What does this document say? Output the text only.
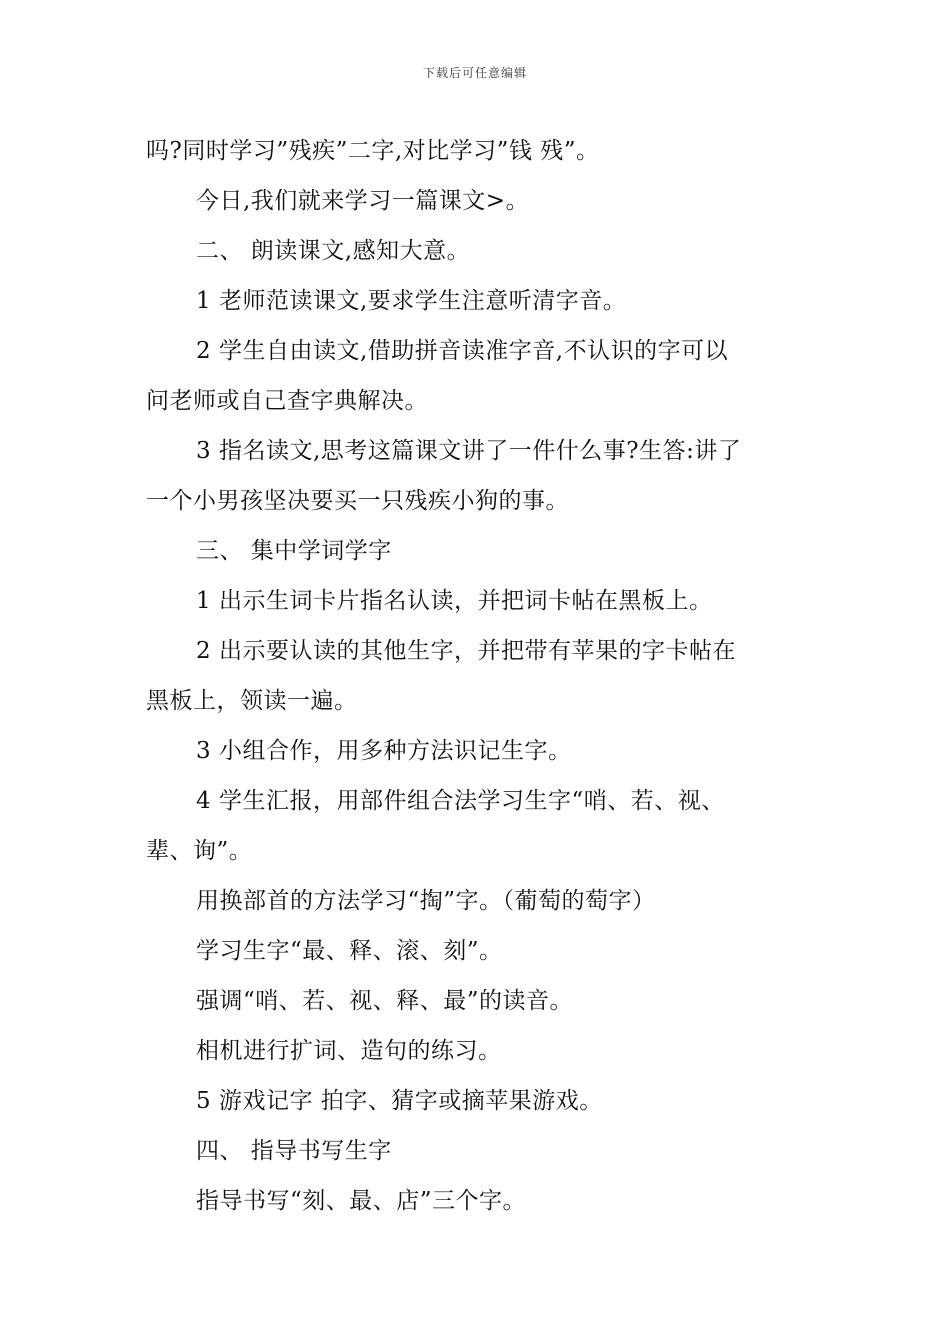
下载后可任意编辑
吗?同时学习”残疾”二字,对比学习”钱 残”。
今日,我们就来学习一篇课文>。
二、 朗读课文,感知大意。
1 老师范读课文,要求学生注意听清字音。
2 学生自由读文,借助拼音读准字音,不认识的字可以
问老师或自己查字典解决。
3 指名读文,思考这篇课文讲了一件什么事?生答:讲了
一个小男孩坚决要买一只残疾小狗的事。
三、 集中学词学字
1 出示生词卡片指名认读，并把词卡帖在黑板上。
2 出示要认读的其他生字，并把带有苹果的字卡帖在
黑板上，领读一遍。
3 小组合作，用多种方法识记生字。
4 学生汇报，用部件组合法学习生字“哨、若、视、
辈、询”。
用换部首的方法学习“掏”字。（葡萄的萄字）
学习生字“最、释、滚、刻”。
强调“哨、若、视、释、最”的读音。
相机进行扩词、造句的练习。
5 游戏记字 拍字、猜字或摘苹果游戏。
四、 指导书写生字
指导书写“刻、最、店”三个字。
